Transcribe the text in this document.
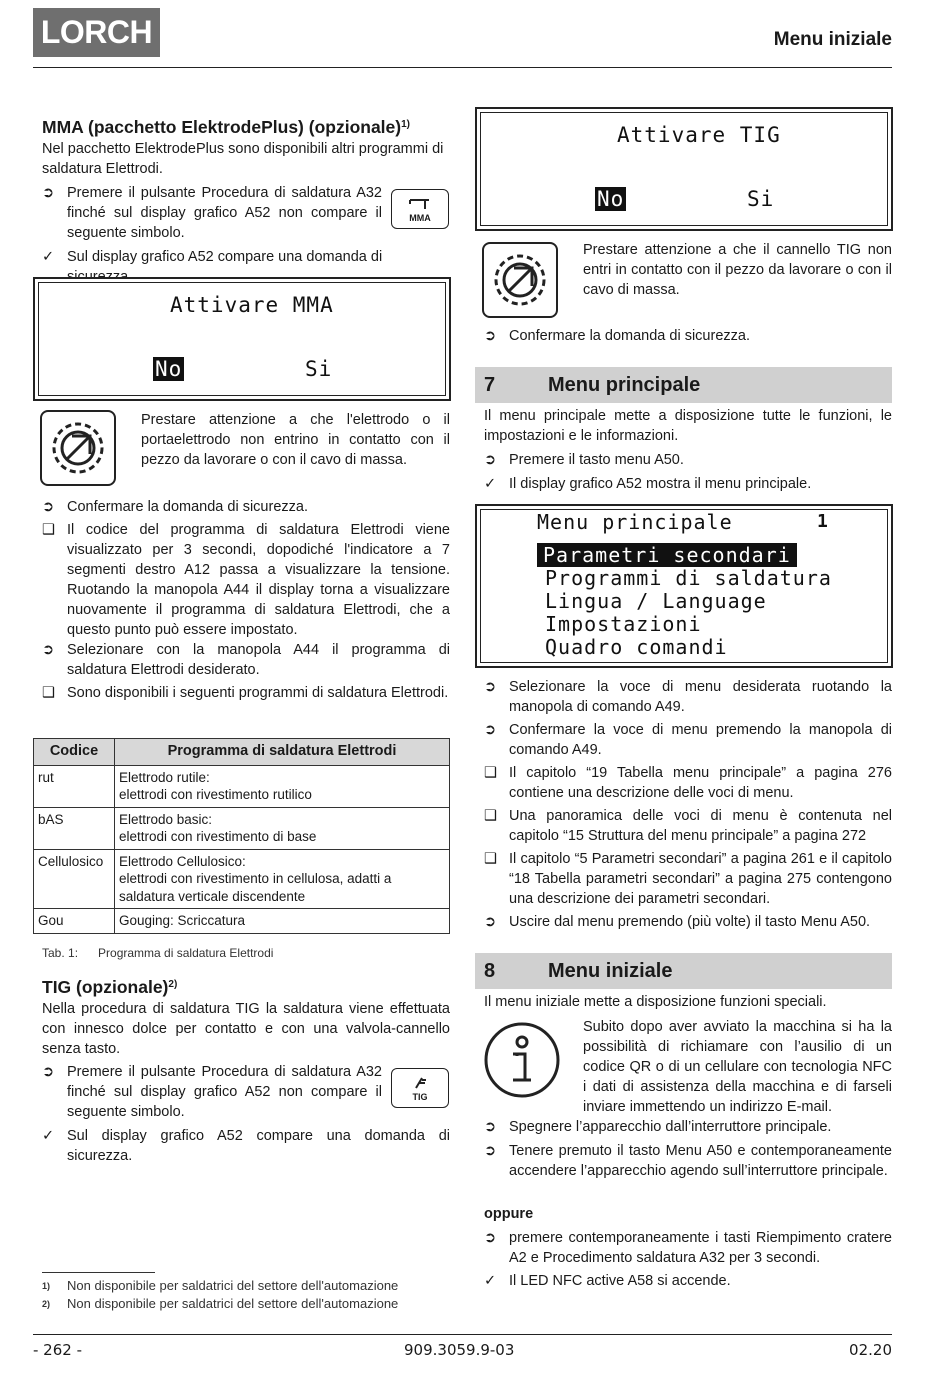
LORCH	Menu iniziale
MMA (pacchetto ElektrodePlus) (opzionale)$^{1)}$

Nel pacchetto ElektrodePlus sono disponibili altri programmi di saldatura Elettrodi.

➲ Premere il pulsante Procedura di saldatura A32 finché sul display grafico A52 non compare il seguente simbolo.
MMA
✓ Sul display grafico A52 compare una domanda di
Attivare MMA
No	Si

Prestare attenzione a che l'elettrodo o il portaelettrodo non entrino in contatto con il pezzo da lavorare o con il cavo di massa.

➲ Confermare la domanda di sicurezza.
❑ Il codice del programma di saldatura Elettrodi viene visualizzato per 3 secondi, dopodiché l'indicatore a 7 segmenti destro A12 passa a visualizzare la tensione. Ruotando la manopola A44 il display torna a visualizzare nuovamente il programma di saldatura Elettrodi, che a questo punto può essere impostato.
➲ Selezionare con la manopola A44 il programma di saldatura Elettrodi desiderato.
❑ Sono disponibili i seguenti programmi di saldatura Elettrodi.
Codice	Programma di saldatura Elettrodi
rut	Elettrodo rutile:
elettrodi con rivestimento rutilico

bAS	Elettrodo basic:
elettrodi con rivestimento di base

Cellulosico	Elettrodo Cellulosico:
elettrodi con rivestimento in cellulosa, adatti a saldatura verticale discendente

Gou	Gouging: Scriccatura
Tab. 1: Programma di saldatura Elettrodi
TIG (opzionale)$^{2)}$

Nella procedura di saldatura TIG la saldatura viene effettuata con innesco dolce per contatto e con una valvola-cannello senza tasto.

➲ Premere il pulsante Procedura di saldatura A32 finché sul display grafico A52 non compare il seguente simbolo.
TIG
✓ Sul display grafico A52 compare una domanda di sicurezza.
1) Non disponibile per saldatrici del settore dell'automazione
2) Non disponibile per saldatrici del settore dell'automazione
Attivare TIG
No	Si

Prestare attenzione a che il cannello TIG non entri in contatto con il pezzo da lavorare o con il cavo di massa.

➲ Confermare la domanda di sicurezza.
7	Menu principale

Il menu principale mette a disposizione tutte le funzioni, le impostazioni e le informazioni.

➲ Premere il tasto menu A50.
✓ Il display grafico A52 mostra il menu principale.
Menu principale	1
Parametri secondari
Programmi di saldatura
Lingua / Language
Impostazioni
Quadro comandi
➲ Selezionare la voce di menu desiderata ruotando la manopola di comando A49.
➲ Confermare la voce di menu premendo la manopola di comando A49.
❑ Il capitolo “19 Tabella menu principale” a pagina 276 contiene una descrizione delle voci di menu.
❑ Una panoramica delle voci di menu è contenuta nel capitolo “15 Struttura del menu principale” a pagina 272
❑ Il capitolo “5 Parametri secondari” a pagina 261 e il capitolo “18 Tabella parametri secondari” a pagina 275 contengono una descrizione dei parametri secondari.
➲ Uscire dal menu premendo (più volte) il tasto Menu A50.
8	Menu iniziale

Il menu iniziale mette a disposizione funzioni speciali.

Subito dopo aver avviato la macchina si ha la possibilità di richiamare con l’ausilio di un codice QR o di un cellulare con tecnologia NFC i dati di assistenza della macchina e di farseli inviare immettendo un indirizzo E-mail.

➲ Spegnere l’apparecchio dall’interruttore principale.
➲ Tenere premuto il tasto Menu A50 e contemporaneamente accendere l’apparecchio agendo sull’interruttore principale.
oppure
➲ premere contemporaneamente i tasti Riempimento cratere A2 e Procedimento saldatura A32 per 3 secondi.
✓ Il LED NFC active A58 si accende.
- 262 -	909.3059.9-03	02.20
